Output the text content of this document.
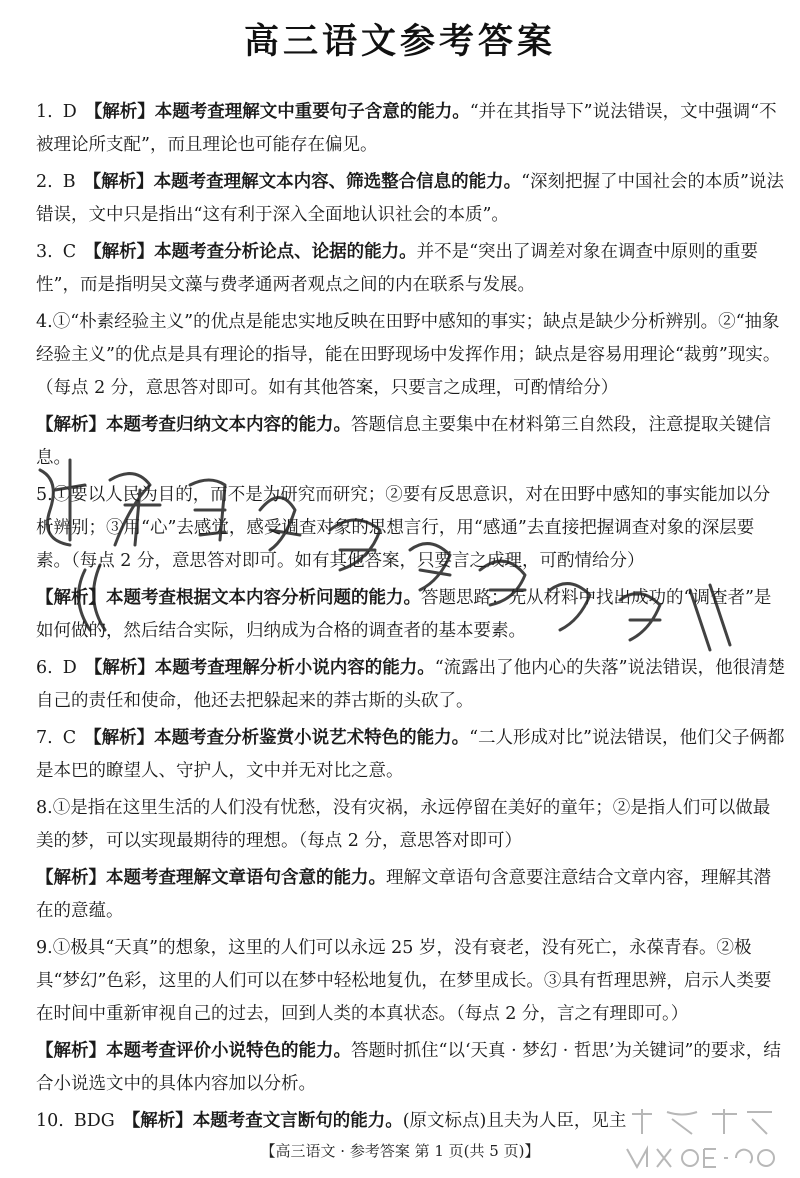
高三语文参考答案
1. D 【解析】本题考查理解文中重要句子含意的能力。“并在其指导下”说法错误，文中强调“不被理论所支配”，而且理论也可能存在偏见。
2. B 【解析】本题考查理解文本内容、筛选整合信息的能力。“深刻把握了中国社会的本质”说法错误，文中只是指出“这有利于深入全面地认识社会的本质”。
3. C 【解析】本题考查分析论点、论据的能力。并不是“突出了调差对象在调查中原则的重要性”，而是指明吴文藻与费孝通两者观点之间的内在联系与发展。
4.①“朴素经验主义”的优点是能忠实地反映在田野中感知的事实；缺点是缺少分析辨别。②“抽象经验主义”的优点是具有理论的指导，能在田野现场中发挥作用；缺点是容易用理论“裁剪”现实。（每点 2 分，意思答对即可。如有其他答案，只要言之成理，可酌情给分）
【解析】本题考查归纳文本内容的能力。答题信息主要集中在材料第三自然段，注意提取关键信息。
5.①要以人民为目的，而不是为研究而研究；②要有反思意识，对在田野中感知的事实能加以分析辨别；③用“心”去感觉，感受调查对象的思想言行，用“感通”去直接把握调查对象的深层要素。（每点 2 分，意思答对即可。如有其他答案，只要言之成理，可酌情给分）
【解析】本题考查根据文本内容分析问题的能力。答题思路：先从材料中找出成功的“调查者”是如何做的，然后结合实际，归纳成为合格的调查者的基本要素。
6. D 【解析】本题考查理解分析小说内容的能力。“流露出了他内心的失落”说法错误，他很清楚自己的责任和使命，他还去把躲起来的莽古斯的头砍了。
7. C 【解析】本题考查分析鉴赏小说艺术特色的能力。“二人形成对比”说法错误，他们父子俩都是本巴的瞭望人、守护人，文中并无对比之意。
8.①是指在这里生活的人们没有忧愁，没有灾祸，永远停留在美好的童年；②是指人们可以做最美的梦，可以实现最期待的理想。（每点 2 分，意思答对即可）
【解析】本题考查理解文章语句含意的能力。理解文章语句含意要注意结合文章内容，理解其潜在的意蕴。
9.①极具“天真”的想象，这里的人们可以永远 25 岁，没有衰老，没有死亡，永葆青春。②极具“梦幻”色彩，这里的人们可以在梦中轻松地复仇，在梦里成长。③具有哲理思辨，启示人类要在时间中重新审视自己的过去，回到人类的本真状态。（每点 2 分，言之有理即可。）
【解析】本题考查评价小说特色的能力。答题时抓住“以‘天真 · 梦幻 · 哲思’为关键词”的要求，结合小说选文中的具体内容加以分析。
10. BDG 【解析】本题考查文言断句的能力。(原文标点)且夫为人臣，见主
【高三语文 · 参考答案 第 1 页(共 5 页)】
